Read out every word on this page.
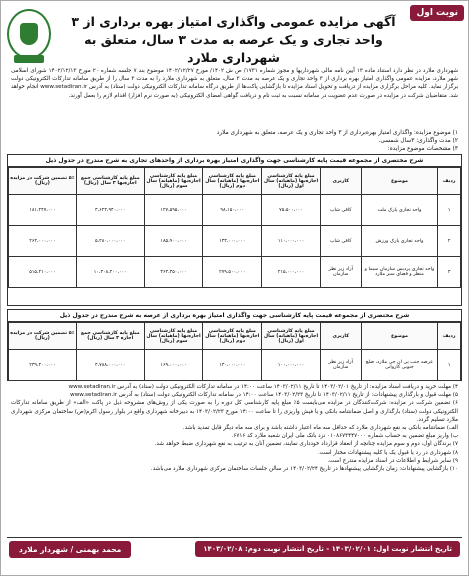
نوبت اول
آگهی مزایده عمومی واگذاری امتیاز بهره برداری از ۳ واحد تجاری و یک عرصه به مدت ۳ سال، متعلق به شهرداری ملارد
شهرداری ملارد در نظر دارد استناد ماده ۱۳ آیین نامه مالی شهرداریها و مجوز شماره ۱۷۳۱/ ص ش ۱۴۰۲/ مورخ ۱۴۰۲/۱۲/۲۷ موضوع بند ۷ جلسه شماره ۲۰ مورخ ۱۴۰۲/۱۲/۱۳ شورای اسلامی شهر ملارد، مزایده عمومی واگذاری امتیاز بهره برداری از ۳ واحد تجاری و یک عرصه به مدت ۳ سال، متعلق به شهرداری ملارد را به مدت ۳ سال را از طریق سامانه تدارکات الکترونیکی دولت برگزار نماید. کلیه مراحل برگزاری مزایده از دریافت و تحویل اسناد مزایده تا بازگشایی پاکت‌ها از طریق درگاه سامانه تدارکات الکترونیکی دولت (ستاد) به آدرس www.setadiran.ir انجام خواهد شد. متقاضیان شرکت در مزایده در صورت عدم عضویت در سامانه نسبت به ثبت نام و دریافت گواهی امضای الکترونیکی (به صورت نرم افزار) اقدام لازم را بعمل آورند.
۱) موضوع مزایده: واگذاری امتیاز بهره‌برداری از ۳ واحد تجاری و یک عرصه، متعلق به شهرداری ملارد
۲) مدت واگذاری: ۳سال شمسی.
۳) مشخصات موضوع مزایده:
شرح مختصری از مجموعه قیمت پایه کارشناسی جهت واگذاری امتیاز بهره برداری از واحدهای تجاری به شرح مندرج در جدول ذیل
ردیف	موضوع	کاربری	مبلغ پایه کارشناسی اجاره‌بها (ماهیانه) سال اول (ریال)	مبلغ پایه کارشناسی اجاره‌بها (ماهیانه) سال دوم (ریال)	مبلغ پایه کارشناسی اجاره‌بها (ماهیانه) سال سوم (ریال)	مبلغ پایه کارشناسی جمع اجاره‌بها ۳ سال (ریال)	۵٪ تضمین شرکت در مزایده (ریال)
۱	واحد تجاری پارک ملت	کافی شاپ	۷۵،۵۰۰،۰۰۰	۹۸،۱۵۰،۰۰۰	۱۲۷،۵۹۵،۰۰۰	۳،۶۲۴،۹۴۰،۰۰۰	۱۸۱،۲۴۷،۰۰۰
۲	واحد تجاری پارک ورزش	کافی شاپ	۱۱۰،۰۰۰،۰۰۰	۱۴۳،۰۰۰،۰۰۰	۱۸۵،۹۰۰،۰۰۰	۵،۲۸۰،۰۰۰،۰۰۰	۲۶۴،۰۰۰،۰۰۰
۳	واحد تجاری پردیس سازمان سیما و منظر و فضای سبز ملارد	آزاد زیر نظر سازمان	۲۱۵،۰۰۰،۰۰۰	۲۷۹،۵۰۰،۰۰۰	۳۶۳،۳۵۰،۰۰۰	۱۰،۳۰۸،۲۰۰،۰۰۰	۵۱۵،۴۱۰،۰۰۰
شرح مختصری از مجموعه قیمت پایه کارشناسی جهت واگذاری امتیاز بهره برداری از عرصه به شرح مندرج در جدول ذیل
ردیف	موضوع	کاربری	مبلغ پایه کارشناسی اجاره‌بها (ماهیانه) سال اول (ریال)	مبلغ پایه کارشناسی اجاره‌بها (ماهیانه) سال دوم (ریال)	مبلغ پایه کارشناسی اجاره‌بها (ماهیانه) سال سوم (ریال)	مبلغ پایه کارشناسی جمع اجاره ۳ سال (ریال)	۵٪ تضمین شرکت در مزایده (ریال)
۱	عرصه جنب بی ان جی ملارد، ضلع جنوبی کاروانی	آزاد زیر نظر سازمان	۱۰۰،۰۰۰،۰۰۰	۱۳۰،۰۰۰،۰۰۰	۱۶۹،۰۰۰،۰۰۰	۴،۷۸۸،۰۰۰،۰۰۰	۲۳۹،۴۰۰،۰۰۰
۴) مهلت خرید و دریافت اسناد مزایده: از تاریخ ۱۴۰۳/۰۲/۰۱ تا تاریخ ۱۴۰۳/۰۲/۱۱ ساعت ۱۴:۰۰ در سامانه تدارکات الکترونیکی دولت (ستاد) به آدرس www.setadiran.ir
۵) مهلت قبول و بارگذاری پیشنهادات: از تاریخ ۱۴۰۳/۰۲/۱۱ تا تاریخ ۱۴۰۳/۰۲/۲۳ ساعت ۱۴:۰۰ در سامانه تدارکات الکترونیکی دولت (ستاد) به آدرس www.setadiran.ir
۶) تضمین شرکت در مزایده: شرکت‌کنندگان در مزایده می‌بایست ۵٪ مبلغ پایه کارشناسی کل دوره را به صورت یکی از روش‌های مشروحه ذیل در پاکت «الف» از طریق سامانه تدارکات الکترونیکی دولت (ستاد) بارگذاری و اصل ضمانتنامه بانکی و یا فیش واریزی را تا ساعت ۱۴:۰۰ مورخ ۱۴۰۳/۰۲/۲۳ به دبیرخانه شهرداری واقع در بلوار رسول اکرم(ص) ساختمان مرکزی شهرداری ملارد تسلیم گردد.
الف) ضمانتنامه بانکی به نفع شهرداری ملارد که حداقل سه ماه اعتبار داشته باشد و برای سه ماه دیگر قابل تمدید باشد.
ب) واریز مبلغ تضمین به حساب شماره ۰۱۰۸۶۷۳۴۴۷۰۰۰ نزد بانک ملی ایران شعبه ملارد کد ۶۷۱۶.
۷) برندگان اول، دوم و سوم مزایده چنانچه از انعقاد قرارداد خودداری نمایند، تضمین آنان به ترتیب به نفع شهرداری ضبط خواهد شد.
۸) شهرداری در رد یا قبول یک یا کلیه پیشنهادات مختار است.
۹) سایر شرایط و اطلاعات در اسناد مزایده مندرج است.
۱۰) بازگشایی پیشنهادات: زمان بازگشایی پیشنهادها در تاریخ ۱۴۰۳/۰۲/۲۴ در سالن جلسات ساختمان مرکزی شهرداری ملارد می‌باشد.
تاریخ انتشار نوبت اول: ۱۴۰۳/۰۲/۰۱ - تاریخ انتشار نوبت دوم: ۱۴۰۳/۰۲/۰۸
محمد بهمنی / شهردار ملارد
